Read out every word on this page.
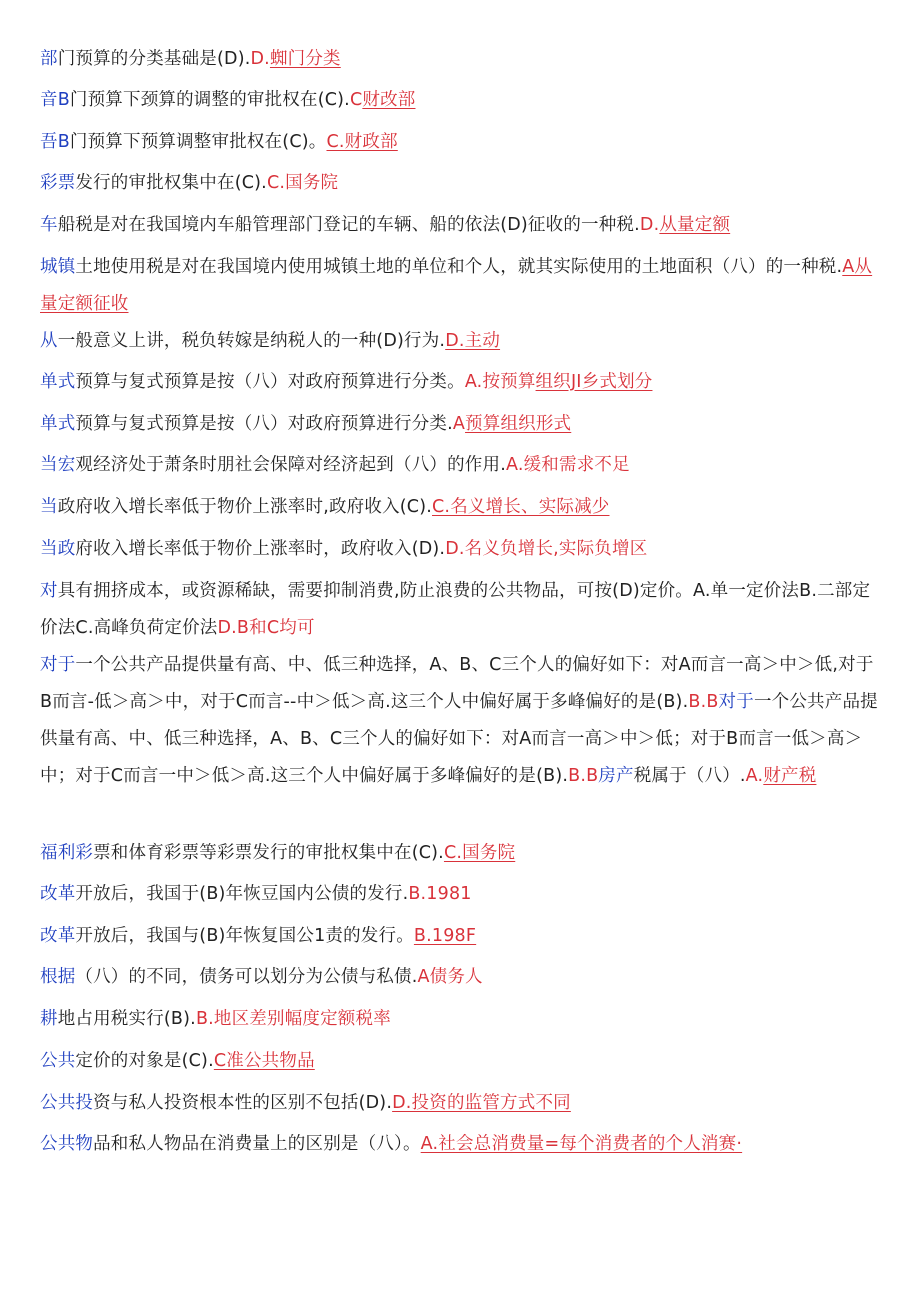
部门预算的分类基础是(D).D.蜘门分类
音B门预算下颈算的调整的审批权在(C).C财改部
吾B门预算下预算调整审批权在(C)。C.财政部
彩票发行的审批权集中在(C).C.国务院
车船税是对在我国境内车船管理部门登记的车辆、船的依法(D)征收的一种税.D.从量定额
城镇土地使用税是对在我国境内使用城镇土地的单位和个人，就其实际使用的土地面积（八）的一种税.A从量定额征收
从一般意义上讲，税负转嫁是纳税人的一种(D)行为.D.主动
单式预算与复式预算是按（八）对政府预算进行分类。A.按预算组织JI乡式划分
单式预算与复式预算是按（八）对政府预算进行分类.A预算组织形式
当宏观经济处于萧条时朋社会保障对经济起到（八）的作用.A.缓和需求不足
当政府收入增长率低于物价上涨率时,政府收入(C).C.名义增长、实际减少
当政府收入增长率低于物价上涨率时，政府收入(D).D.名义负增长,实际负增区
对具有拥挤成本，或资源稀缺，需要抑制消费,防止浪费的公共物品，可按(D)定价。A.单一定价法B.二部定价法C.高峰负荷定价法D.B和C均可
对于一个公共产品提供量有高、中、低三种选择，A、B、C三个人的偏好如下：对A而言一高＞中＞低,对于B而言-低＞高＞中，对于C而言--中＞低＞高.这三个人中偏好属于多峰偏好的是(B).B.B对于一个公共产品提供量有高、中、低三种选择，A、B、C三个人的偏好如下：对A而言一高＞中＞低；对于B而言一低＞高＞中；对于C而言一中＞低＞高.这三个人中偏好属于多峰偏好的是(B).B.B房产税属于（八）.A.财产税
福利彩票和体育彩票等彩票发行的审批权集中在(C).C.国务院
改革开放后，我国于(B)年恢豆国内公债的发行.B.1981
改革开放后，我国与(B)年恢复国公1责的发行。B.198F
根据（八）的不同，债务可以划分为公债与私债.A债务人
耕地占用税实行(B).B.地区差别幅度定额税率
公共定价的对象是(C).C准公共物品
公共投资与私人投资根本性的区别不包括(D).D.投资的监管方式不同
公共物品和私人物品在消费量上的区别是（八）。A.社会总消费量=每个消费者的个人消赛·
